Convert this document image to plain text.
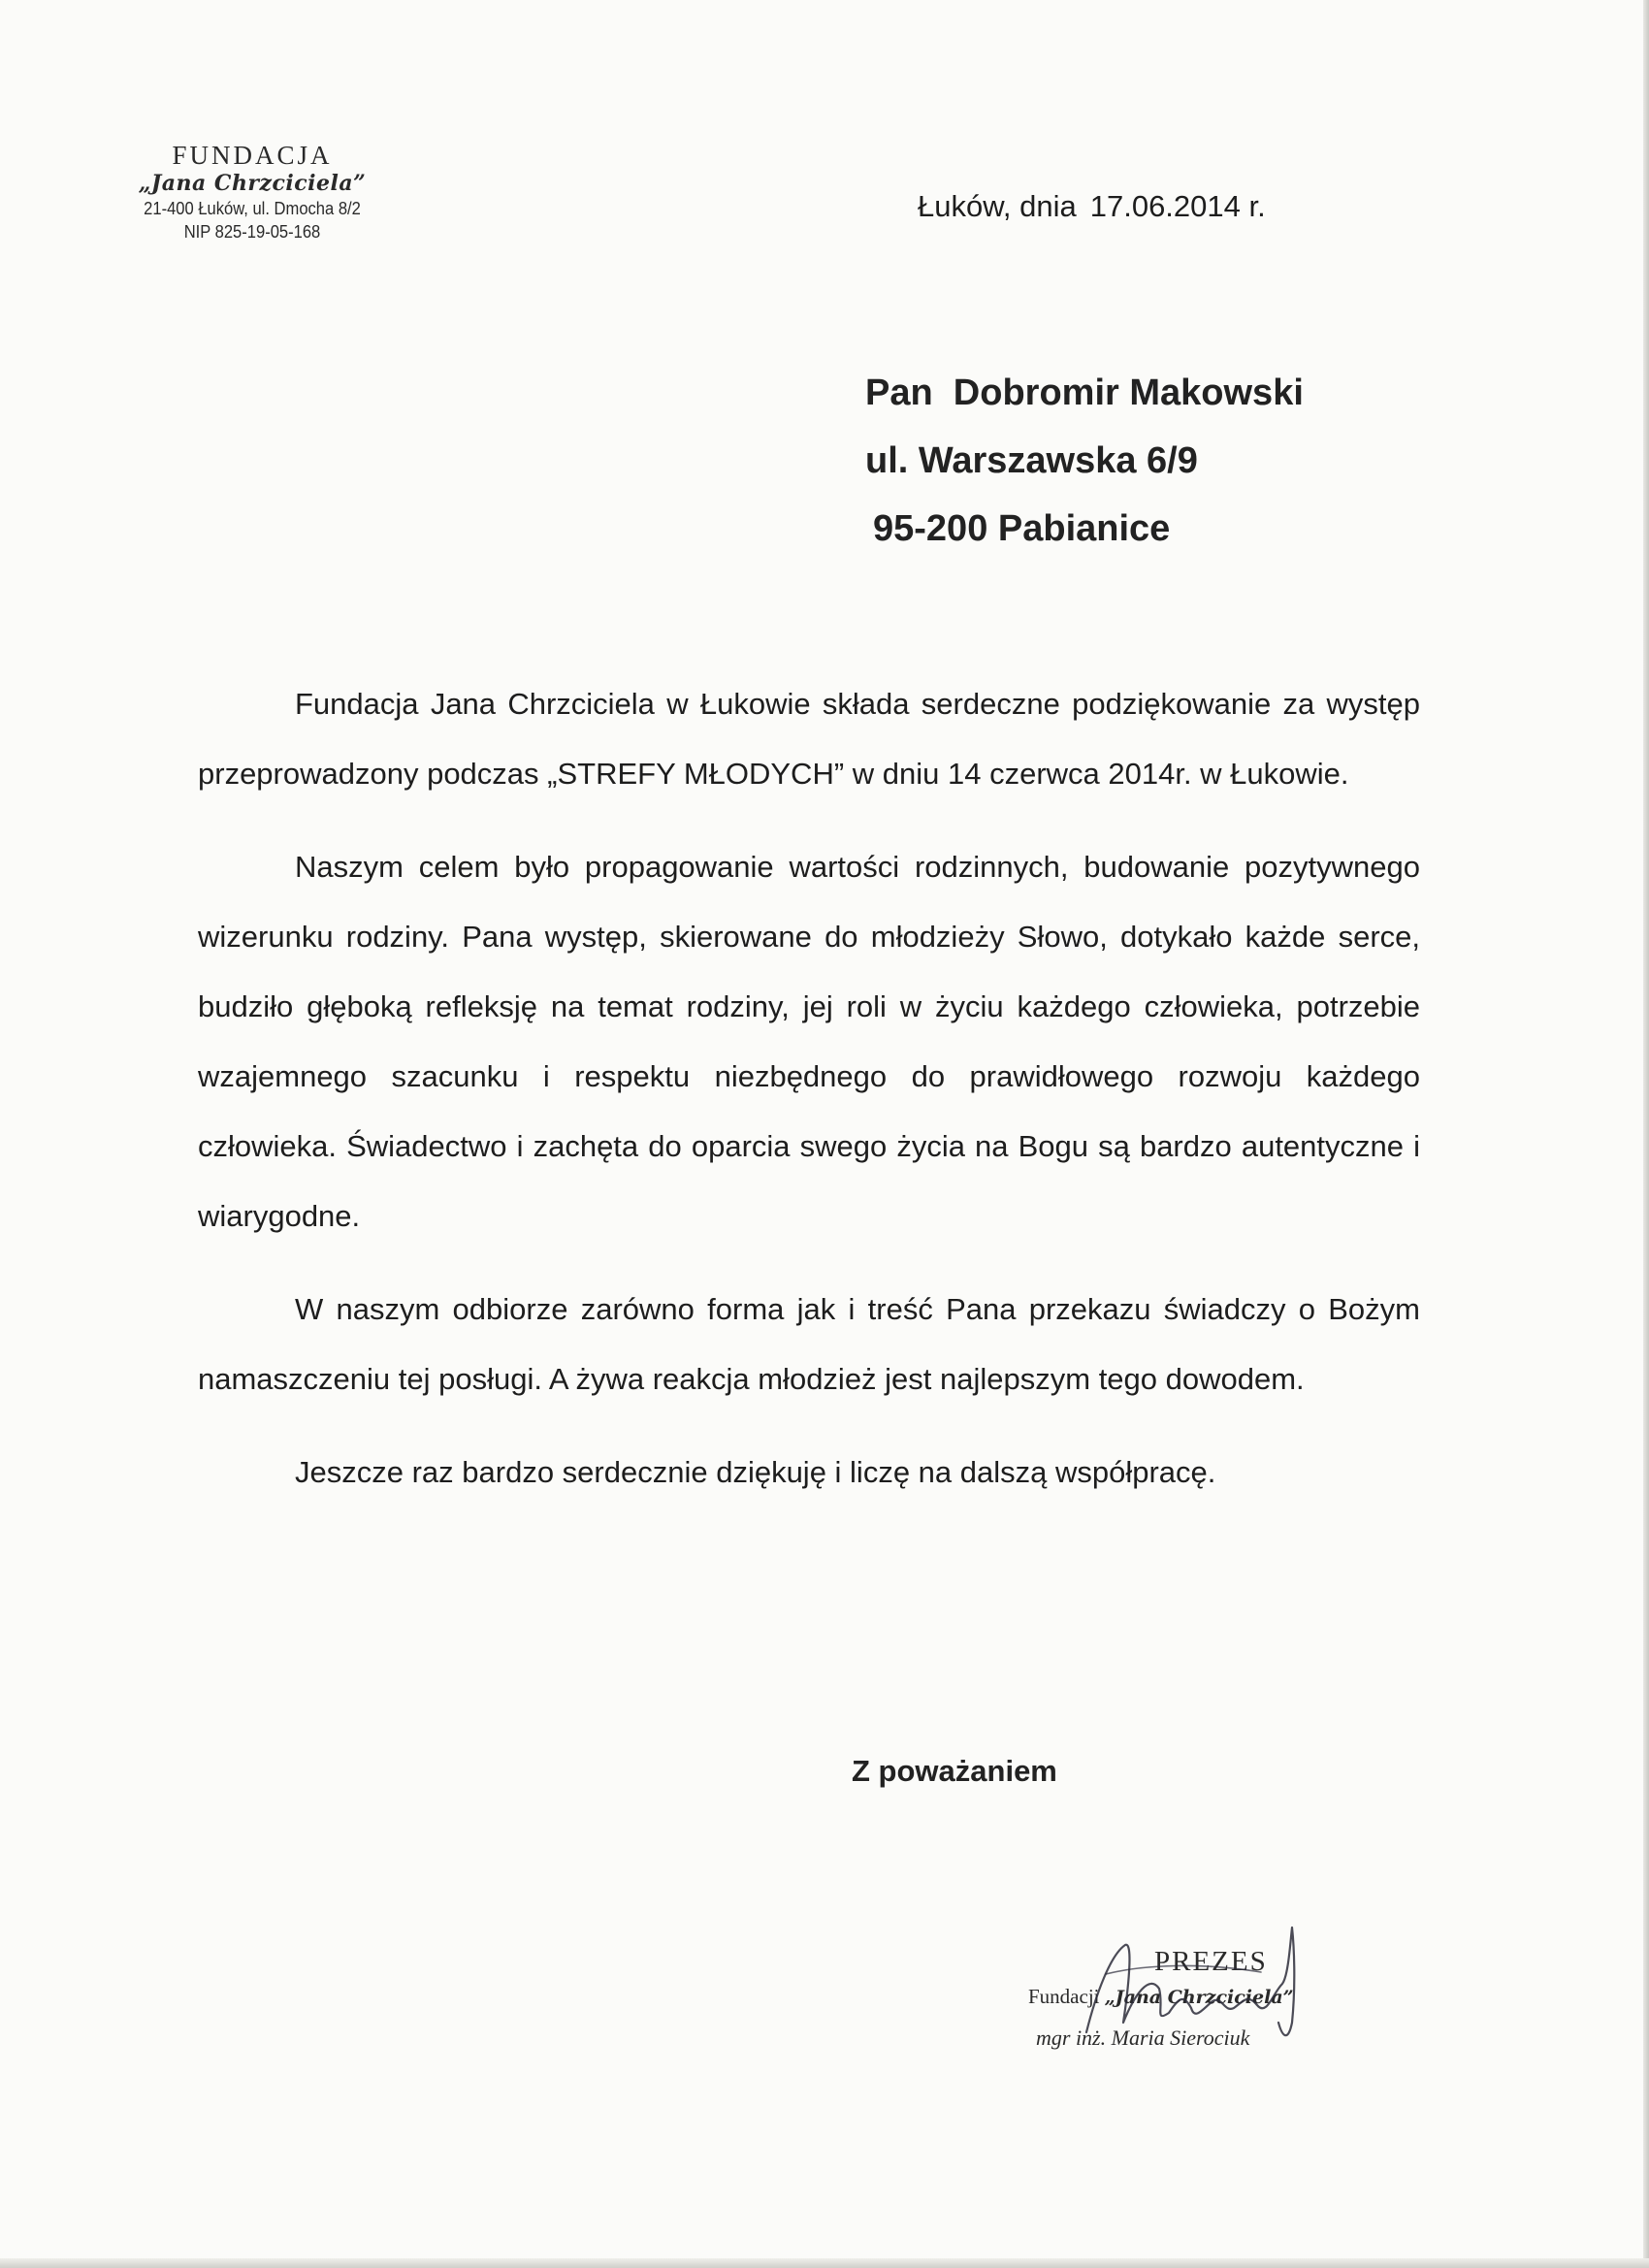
FUNDACJA
„Jana Chrzciciela”
21-400 Łuków, ul. Dmocha 8/2
NIP 825-19-05-168
Łuków, dnia 17.06.2014 r.
Pan  Dobromir Makowski
ul. Warszawska 6/9
95-200 Pabianice

Fundacja Jana Chrzciciela w Łukowie składa serdeczne podziękowanie za występ przeprowadzony podczas „STREFY MŁODYCH” w dniu 14 czerwca 2014r. w Łukowie.

Naszym celem było propagowanie wartości rodzinnych, budowanie pozytywnego wizerunku rodziny. Pana występ, skierowane do młodzieży Słowo, dotykało każde serce, budziło głęboką refleksję na temat rodziny, jej roli w życiu każdego człowieka, potrzebie wzajemnego szacunku i respektu niezbędnego do prawidłowego rozwoju każdego człowieka. Świadectwo i zachęta do oparcia swego życia na Bogu są bardzo autentyczne i wiarygodne.

W naszym odbiorze zarówno forma jak i treść Pana przekazu świadczy o Bożym namaszczeniu tej posługi. A żywa reakcja młodzież jest najlepszym tego dowodem.

Jeszcze raz bardzo serdecznie dziękuję i liczę na dalszą współpracę.

Z poważaniem
PREZES
Fundacji „Jana Chrzciciela”
mgr inż. Maria Sierociuk
